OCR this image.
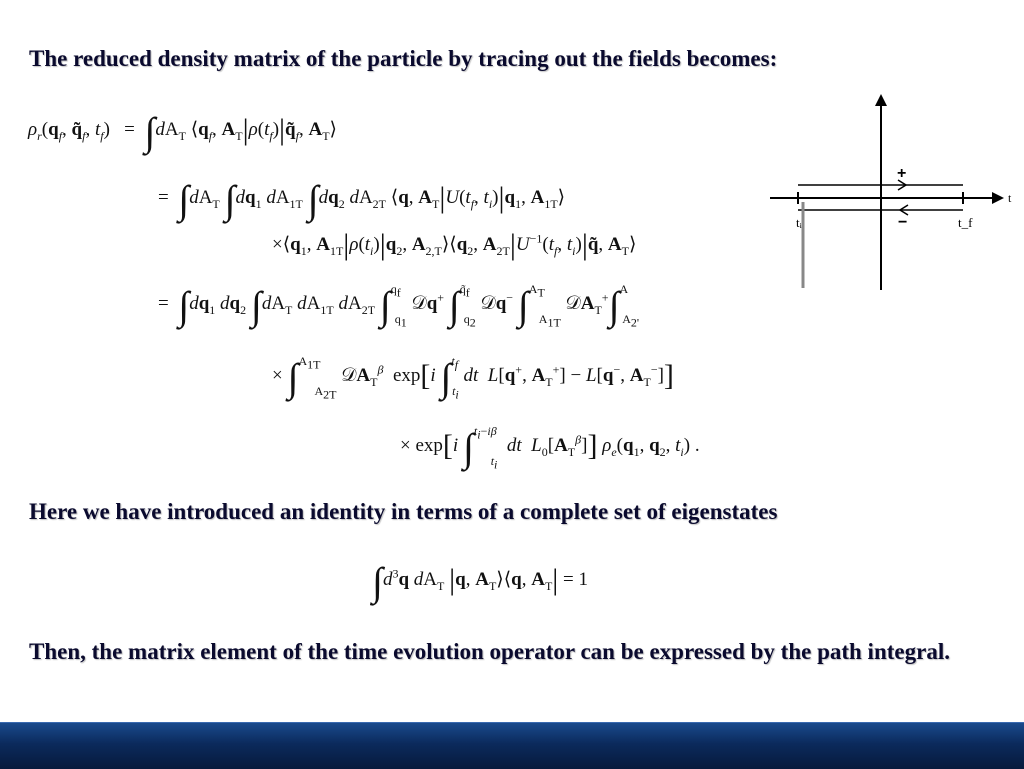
The reduced density matrix of the particle by tracing out the fields becomes:
$\rho_r(q_f$, $q̃_f$, $t_f) = \int dA_T$ $⟨q_f$, $A_T|\rho(t_f)|q̃_f$, $A_T⟩$
=  $\int dA_T$ $\int dq_1$ $dA_{1T}$ $\int dq_2$ $dA_{2T}$ ⟨q, $A_T|U(t_f$, $t_i)|q_1$, $A_{1T}⟩$
$\times⟨q_1$, $A_{1T}|\rho(t_i)|q_2$, $A_{2,T}⟩⟨q_2$, $A_{2T}|U^{-1}(t_f$, $t_i)|q̃$, $A_T⟩$
=  $\int dq_1$ $dq_2$ $\int dA_T$ $dA_{1T}$ $dA_{2T}$ ∫$^{q_f}_{q_1}$ 𝒟q+ ∫$^{q̃_f}_{q_2}$ 𝒟q− ∫$^{A_T}_{A_{1T}}$ 𝒟A$_T$+∫$^A_{A_{2'}}$
× ∫$^{A_{1T}}_{A_{2T}}$ 𝒟A$_T^\beta$  exp[i ∫$^{t_f}_{t_i}$ dt L[q+, $A_T^+] - L[q^-$, $A_T^-$]]
× exp[i ∫$^{t_i-i\beta}_{t_i}$  dt $L_0[A_T^\beta]$] $\rho_e(q_1$, $q_2$, $t_i$) .
t
tᵢ	t_f
+
−
Here we have introduced an identity in terms of a complete set of eigenstates
$\int d^3q$ $dA_T$ |q, $A_T⟩⟨q$, $A_T| = 1$
Then, the matrix element of the time evolution operator can be expressed by the path integral.
